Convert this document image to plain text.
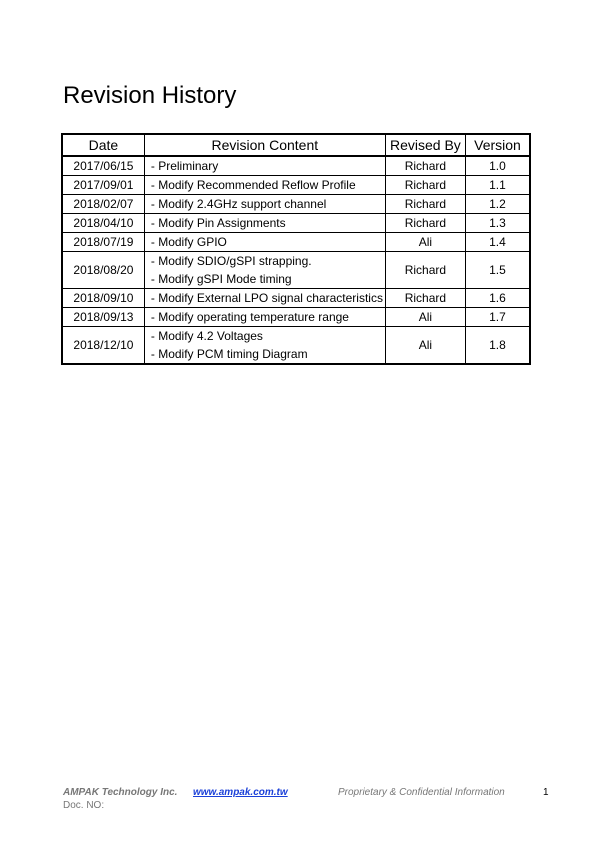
Revision History
Date	Revision Content	Revised By	Version
2017/06/15	- Preliminary	Richard	1.0
2017/09/01	- Modify Recommended Reflow Profile	Richard	1.1
2018/02/07	- Modify 2.4GHz support channel	Richard	1.2
2018/04/10	- Modify Pin Assignments	Richard	1.3
2018/07/19	- Modify GPIO	Ali	1.4
2018/08/20	- Modify SDIO/gSPI strapping.
- Modify gSPI Mode timing	Richard	1.5
2018/09/10	- Modify External LPO signal characteristics	Richard	1.6
2018/09/13	- Modify operating temperature range	Ali	1.7
2018/12/10	- Modify 4.2 Voltages
- Modify PCM timing Diagram	Ali	1.8
AMPAK Technology Inc. www.ampak.com.tw	Proprietary & Confidential Information	1
Doc. NO:
